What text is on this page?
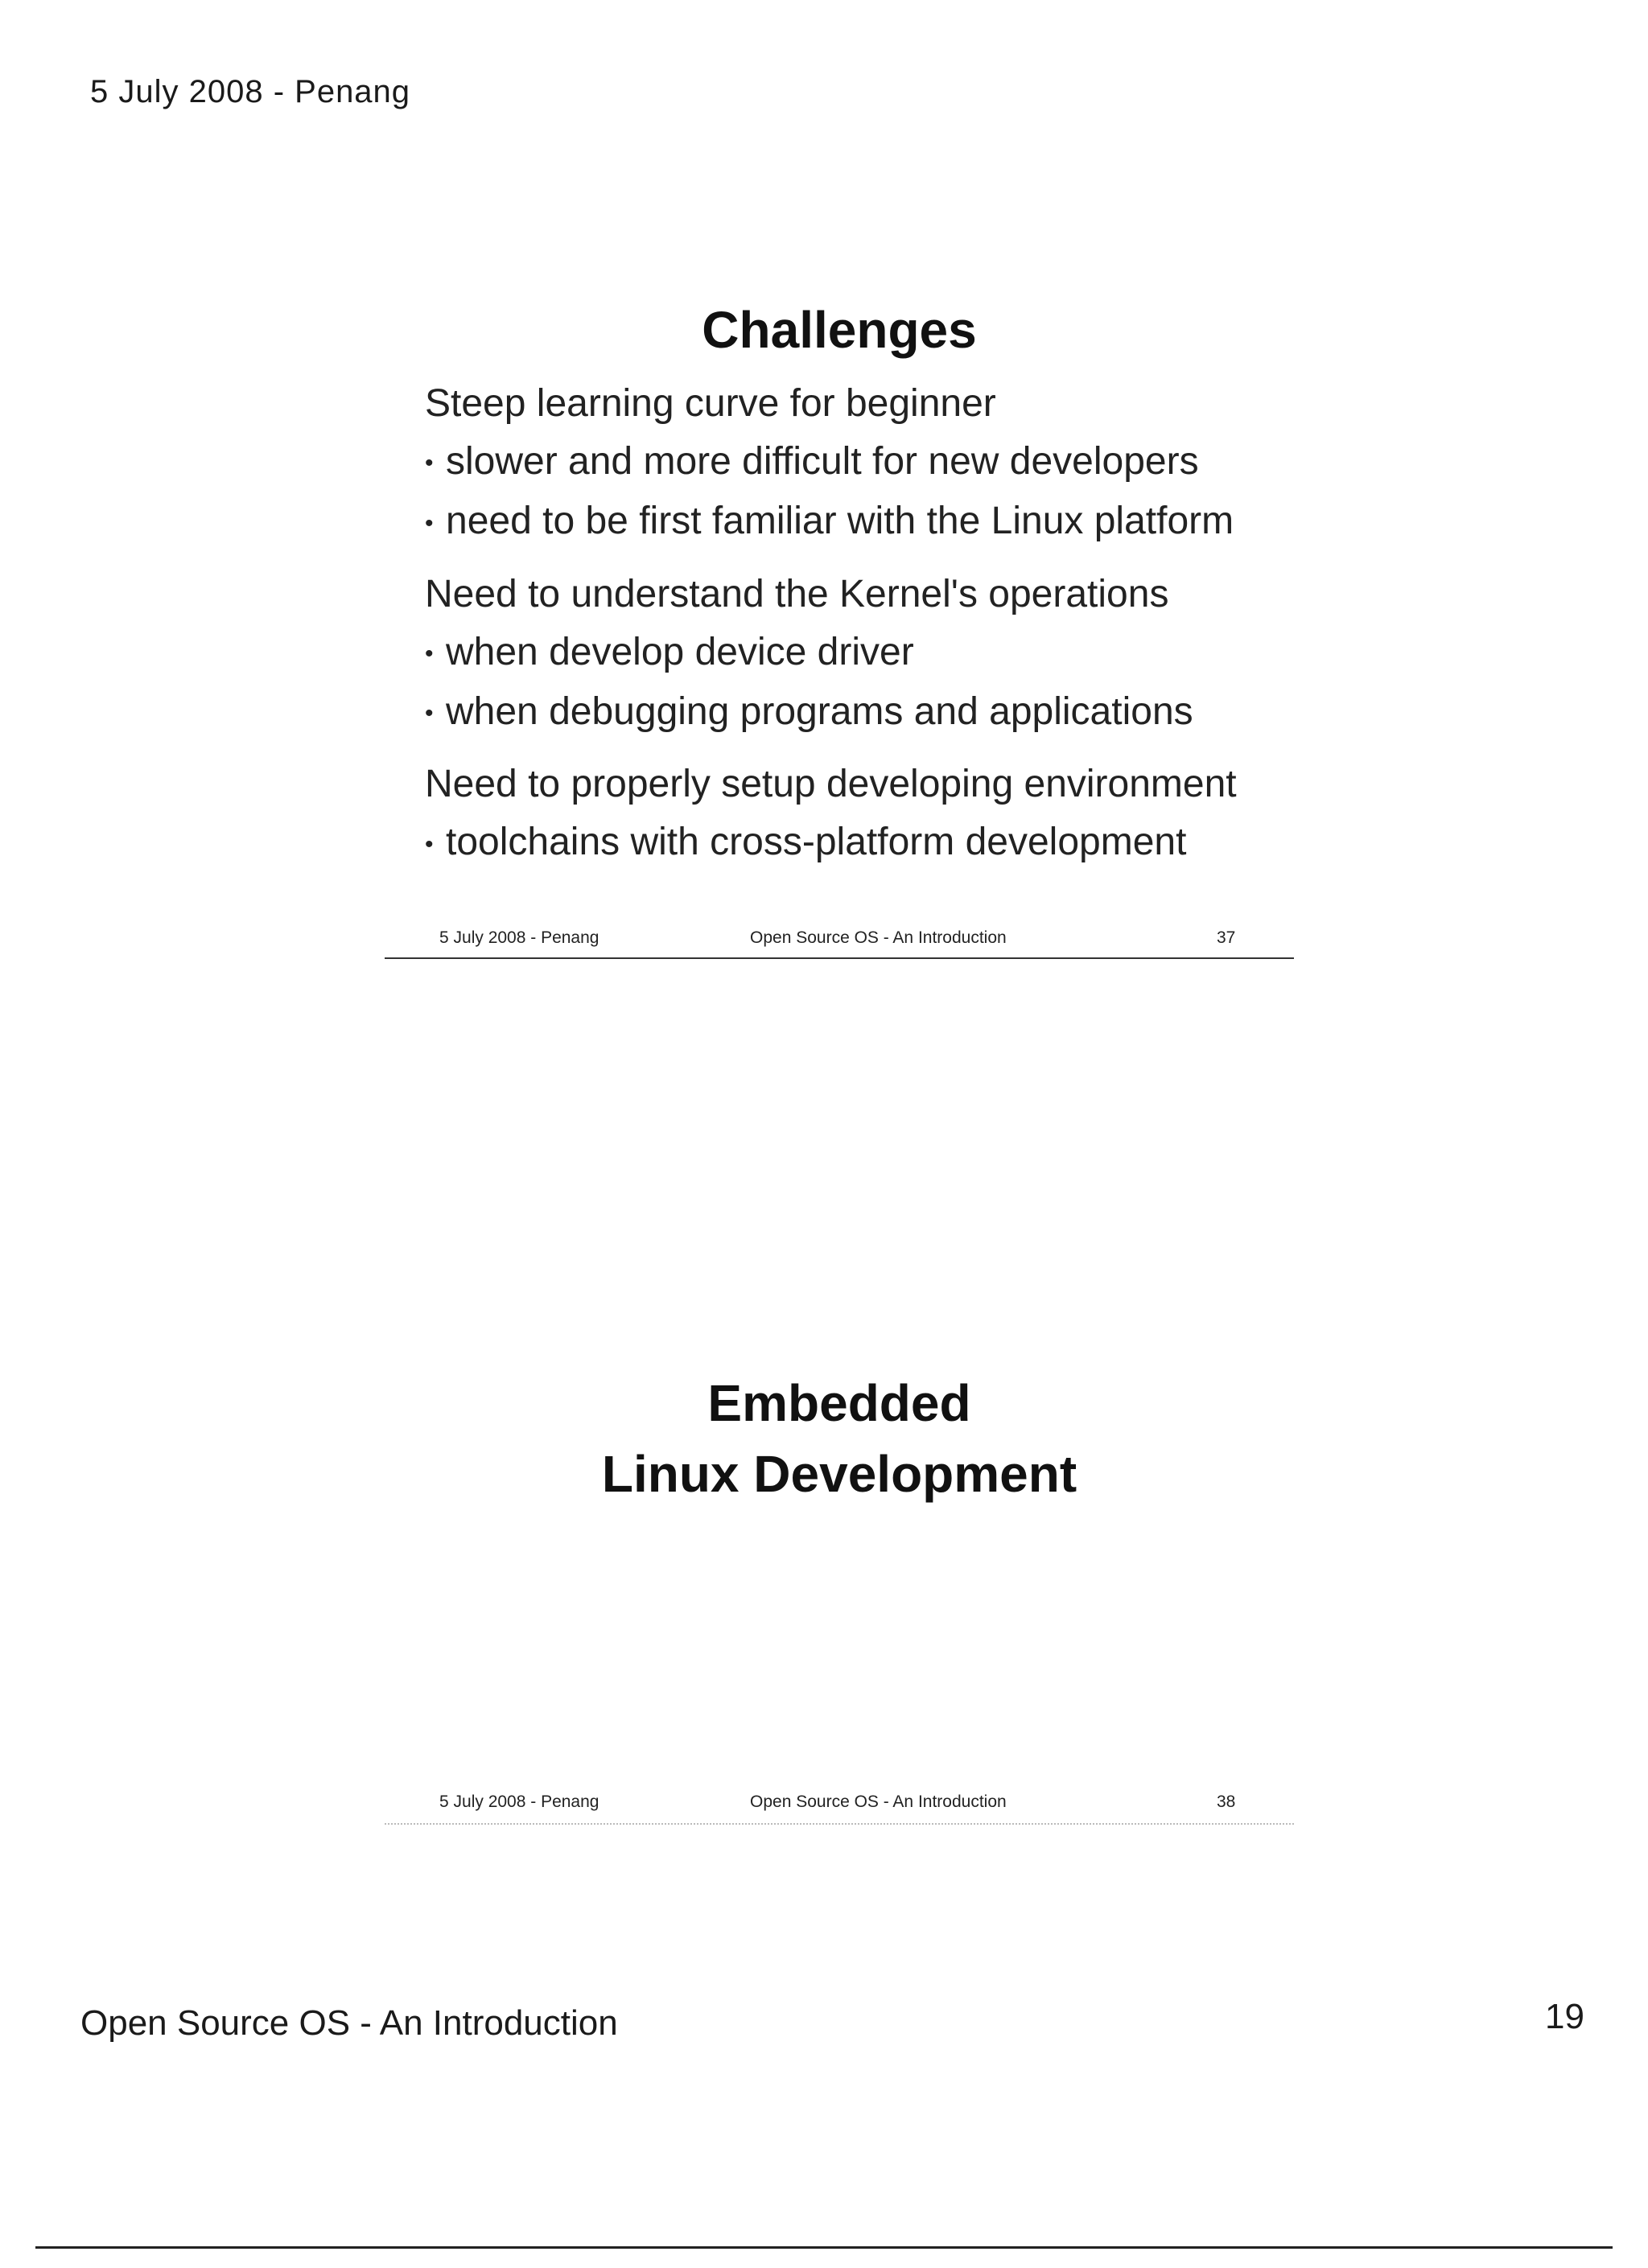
5 July 2008 - Penang
Challenges
Steep learning curve for beginner
• slower and more difficult for new developers
• need to be first familiar with the Linux platform
Need to understand the Kernel's operations
• when develop device driver
• when debugging programs and applications
Need to properly setup developing environment
• toolchains with cross-platform development
5 July 2008 - Penang	Open Source OS - An Introduction	37
Embedded
Linux Development
5 July 2008 - Penang	Open Source OS - An Introduction	38
Open Source OS - An Introduction	19
